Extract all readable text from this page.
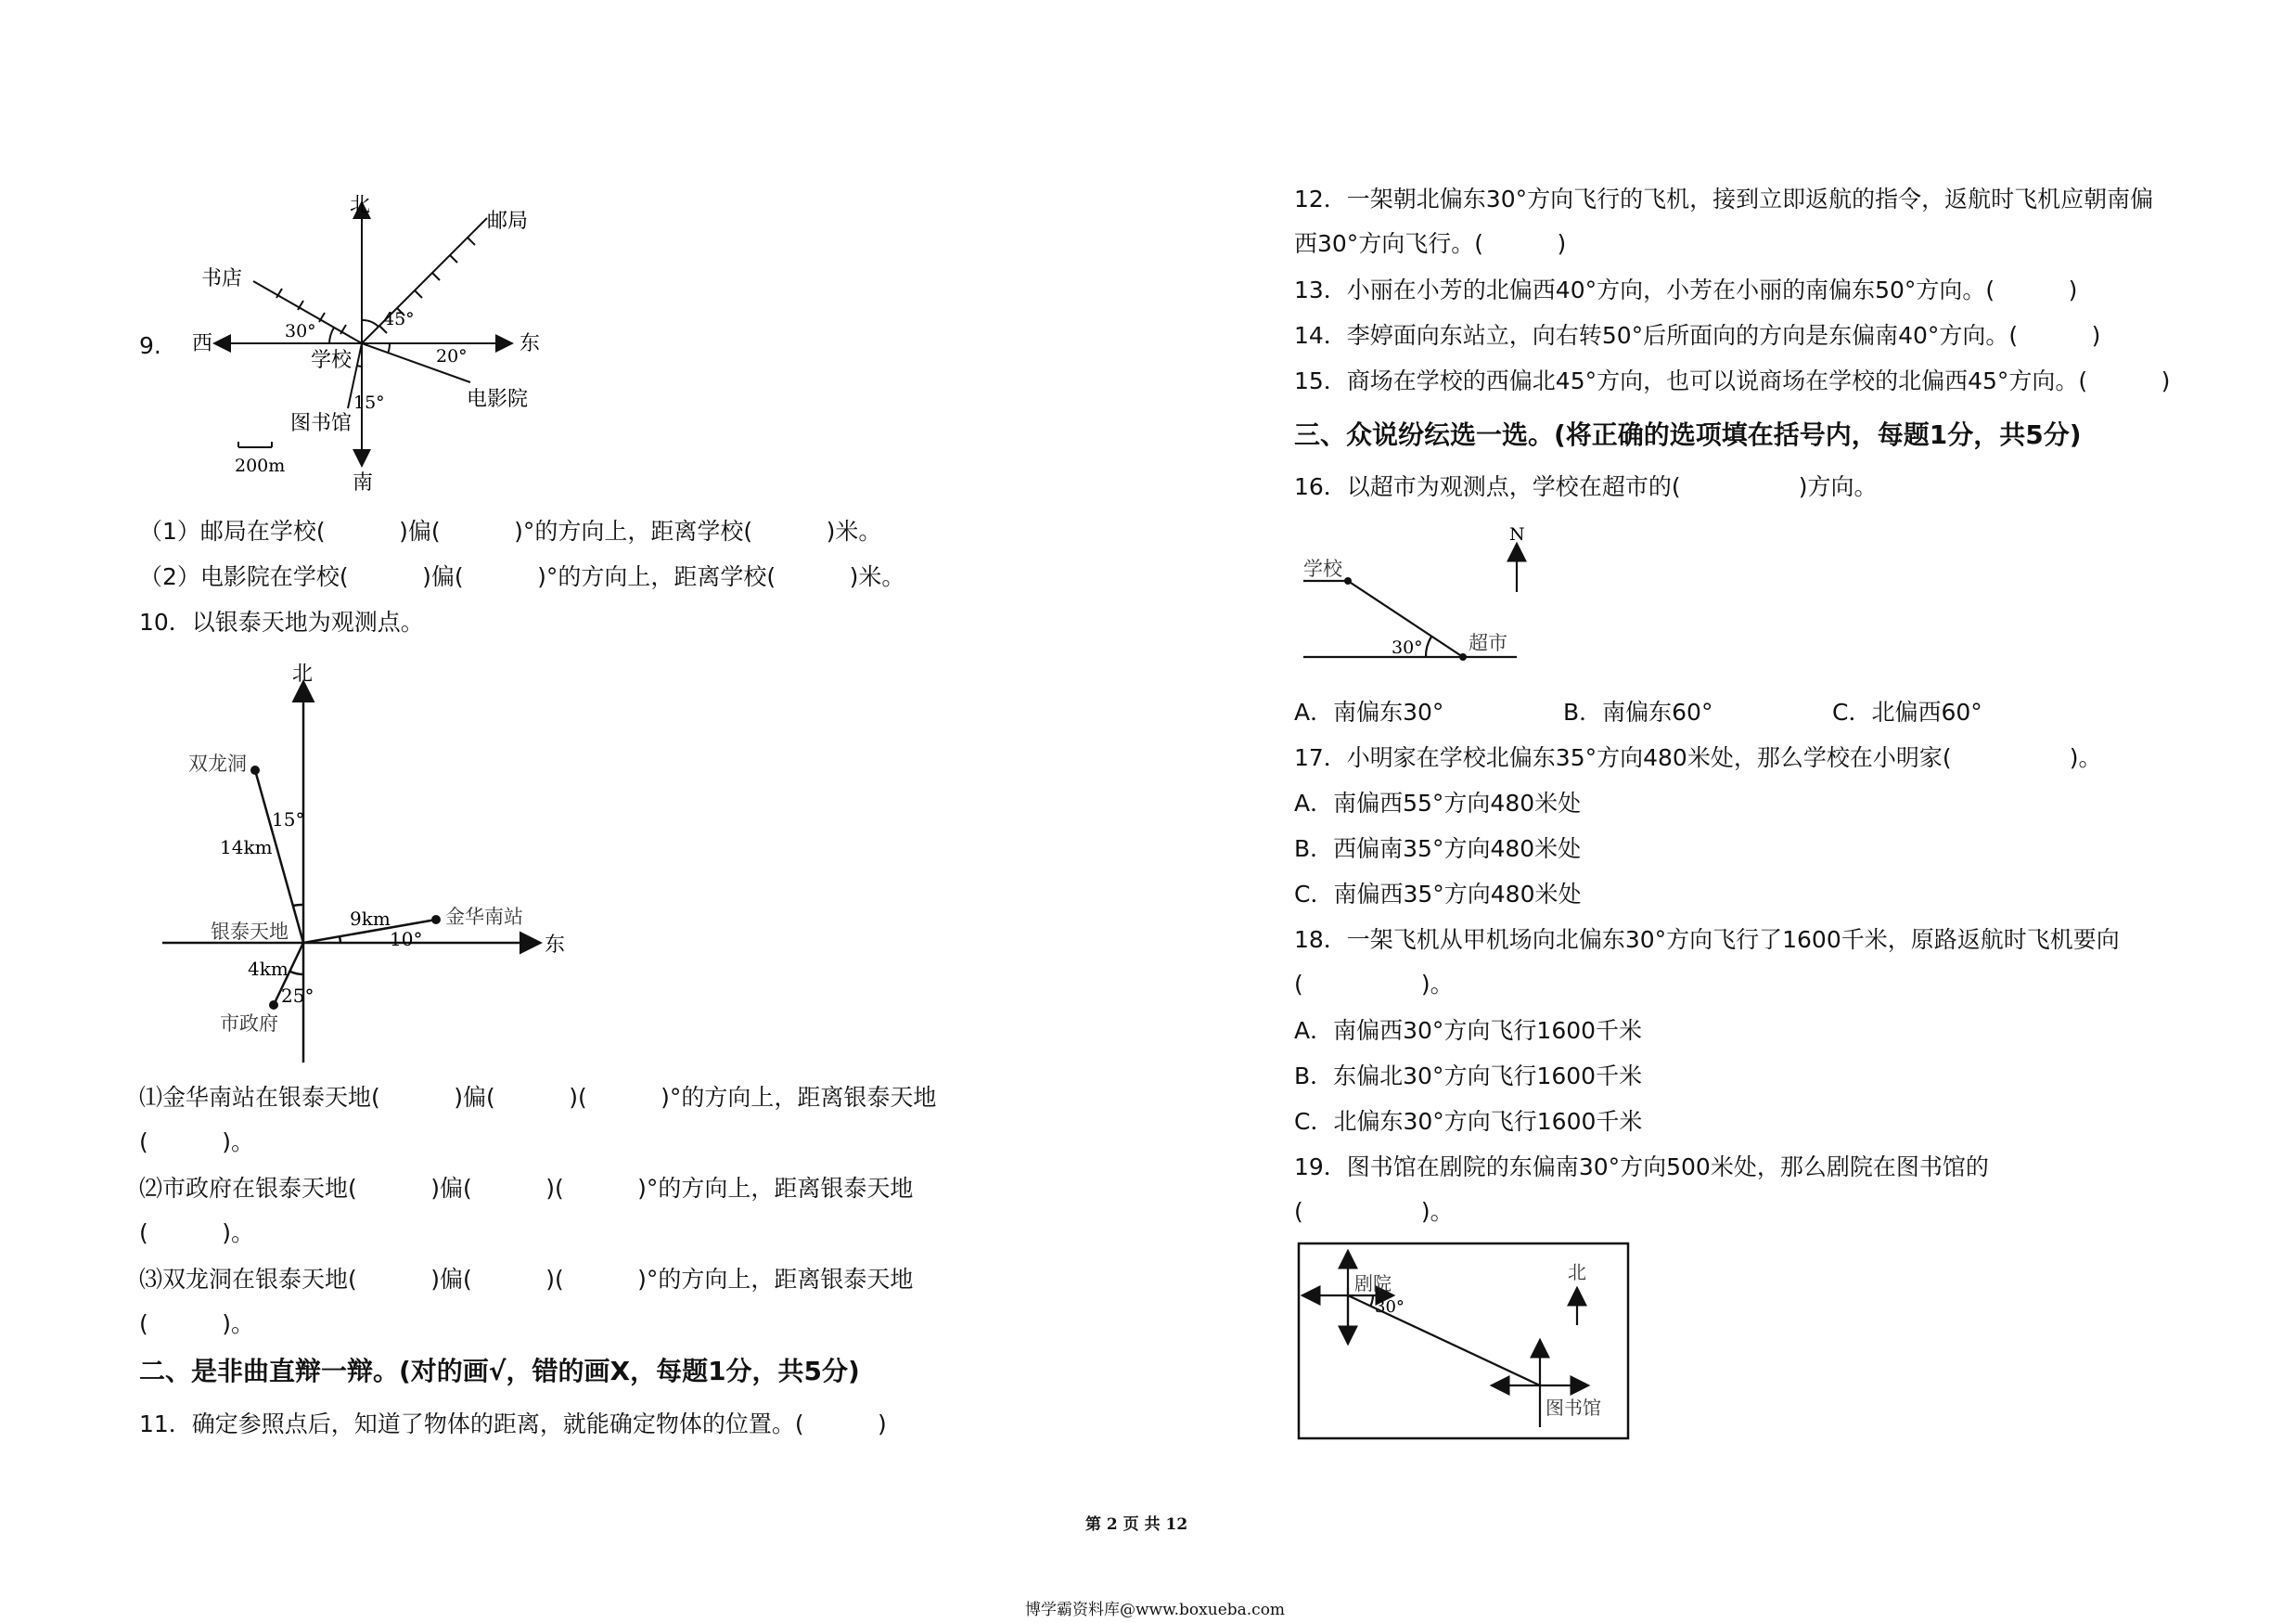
9.
北
南
东
西
邮局
书店
学校
电影院
图书馆
30°
45°
20°
15°
200m
（1）邮局在学校(          )偏(          )°的方向上，距离学校(          )米。
（2）电影院在学校(          )偏(          )°的方向上，距离学校(          )米。
10．以银泰天地为观测点。
北
东
双龙洞
金华南站
银泰天地
市政府
15°
10°
25°
14km
9km
4km
⑴金华南站在银泰天地(          )偏(          )(          )°的方向上，距离银泰天地
(          )。
⑵市政府在银泰天地(          )偏(          )(          )°的方向上，距离银泰天地
(          )。
⑶双龙洞在银泰天地(          )偏(          )(          )°的方向上，距离银泰天地
(          )。
二、是非曲直辩一辩。(对的画√，错的画X，每题1分，共5分)
11．确定参照点后，知道了物体的距离，就能确定物体的位置。(          )
12．一架朝北偏东30°方向飞行的飞机，接到立即返航的指令，返航时飞机应朝南偏
西30°方向飞行。(          )
13．小丽在小芳的北偏西40°方向，小芳在小丽的南偏东50°方向。(          )
14．李婷面向东站立，向右转50°后所面向的方向是东偏南40°方向。(          )
15．商场在学校的西偏北45°方向，也可以说商场在学校的北偏西45°方向。(          )
三、众说纷纭选一选。(将正确的选项填在括号内，每题1分，共5分)
16．以超市为观测点，学校在超市的(                )方向。
学校
超市
N
30°
A．南偏东30°	B．南偏东60°	C．北偏西60°
17．小明家在学校北偏东35°方向480米处，那么学校在小明家(                )。
A．南偏西55°方向480米处
B．西偏南35°方向480米处
C．南偏西35°方向480米处
18．一架飞机从甲机场向北偏东30°方向飞行了1600千米，原路返航时飞机要向
(                )。
A．南偏西30°方向飞行1600千米
B．东偏北30°方向飞行1600千米
C．北偏东30°方向飞行1600千米
19．图书馆在剧院的东偏南30°方向500米处，那么剧院在图书馆的
(                )。
剧院
图书馆
北
30°
第 2 页 共 12
博学霸资料库@www.boxueba.com
